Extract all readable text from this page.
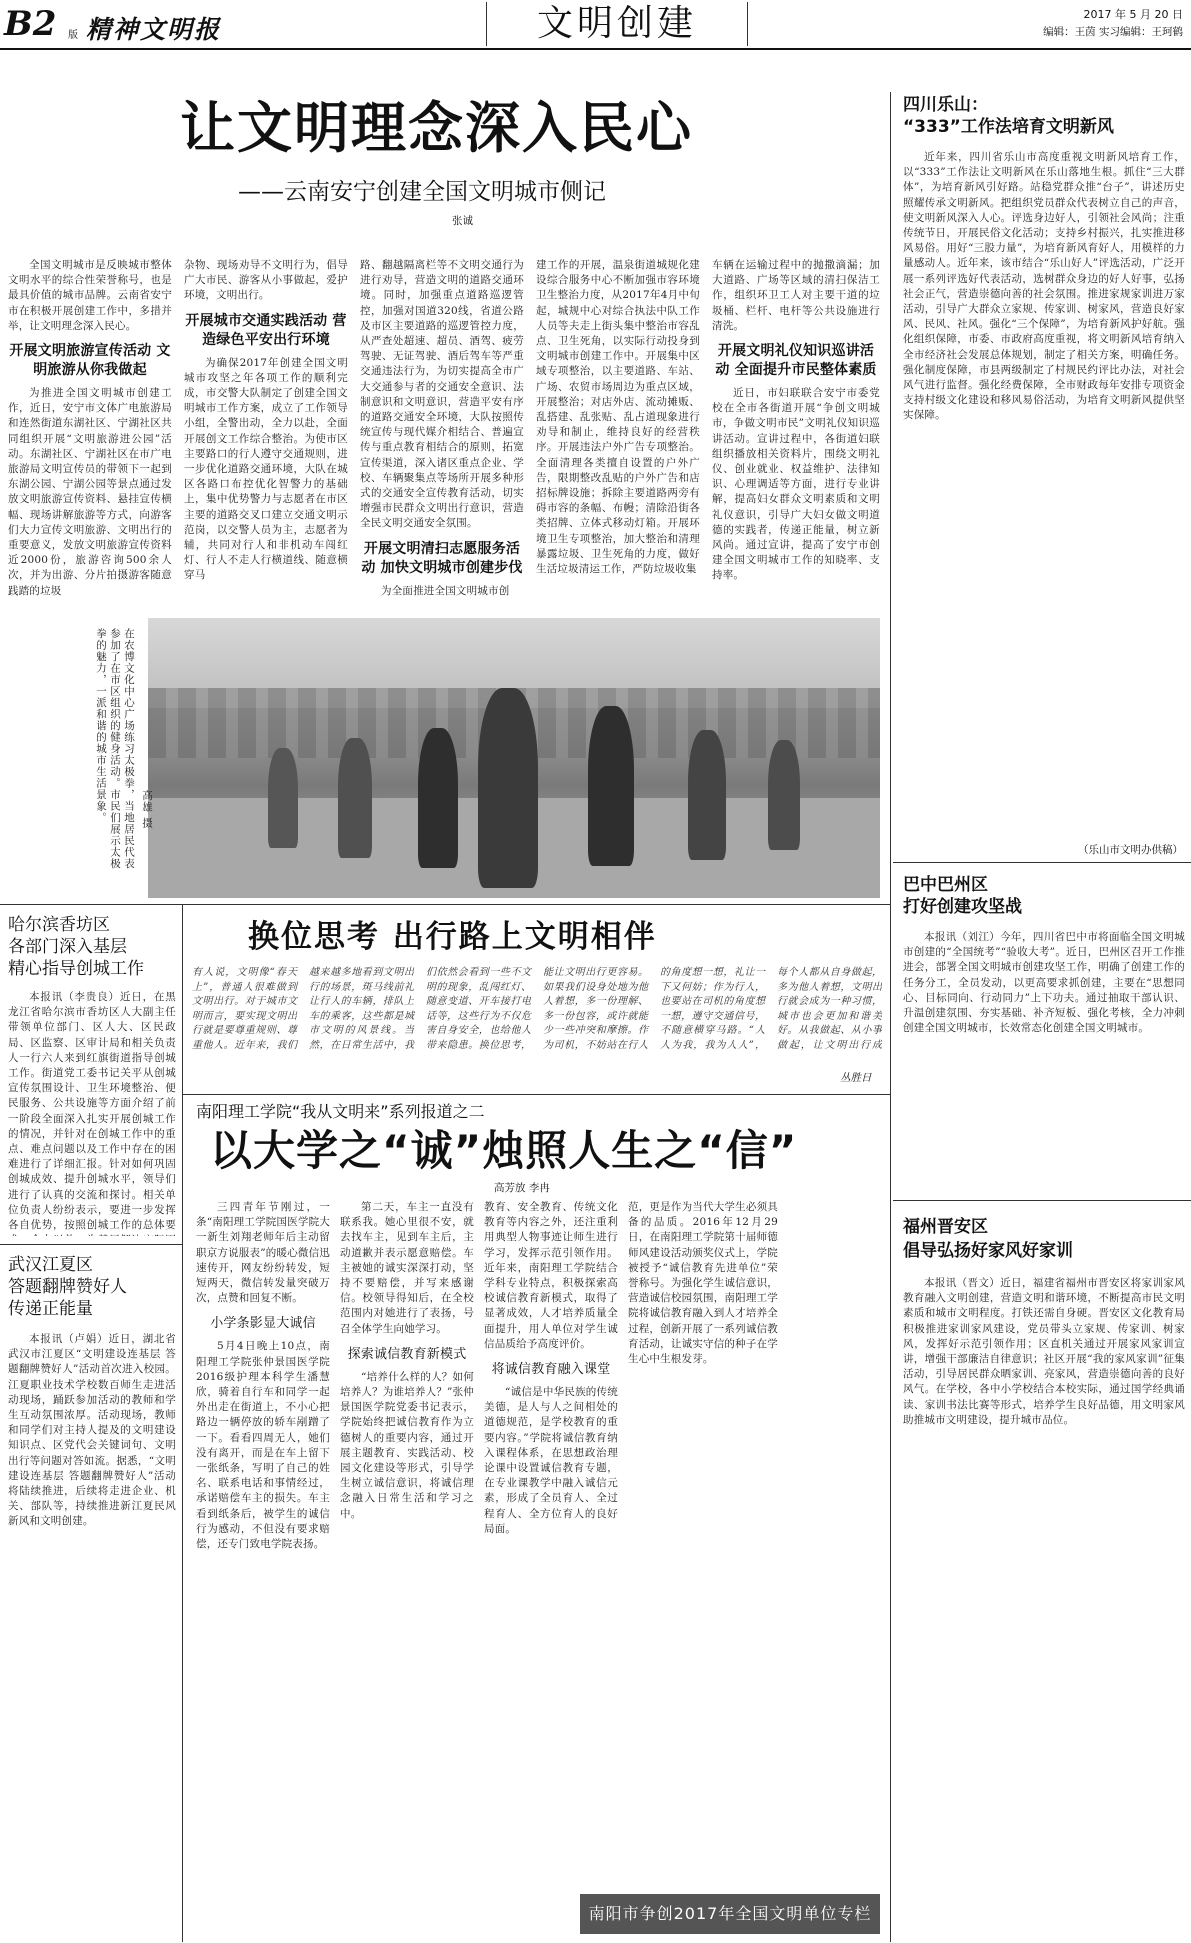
B2 版 精神文明报	文明创建	2017 年 5 月 20 日
编辑：王茵 实习编辑：王珂鹤
让文明理念深入民心
——云南安宁创建全国文明城市侧记
张诚

全国文明城市是反映城市整体文明水平的综合性荣誉称号，也是最具价值的城市品牌。云南省安宁市在积极开展创建工作中，多措并举，让文明理念深入民心。

开展文明旅游宣传活动 文明旅游从你我做起

为推进全国文明城市创建工作，近日，安宁市文体广电旅游局和连然街道东湖社区、宁湖社区共同组织开展“文明旅游进公园”活动。东湖社区、宁湖社区在市广电旅游局文明宣传员的带领下一起到东湖公园、宁湖公园等景点通过发放文明旅游宣传资料、悬挂宣传横幅、现场讲解旅游等方式，向游客们大力宣传文明旅游、文明出行的重要意义，发放文明旅游宣传资料近2000份，旅游咨询500余人次，并为出游、分片拍摄游客随意践踏的垃圾

杂物、现场劝导不文明行为，倡导广大市民、游客从小事做起，爱护环境，文明出行。

开展城市交通实践活动 营造绿色平安出行环境

为确保2017年创建全国文明城市攻坚之年各项工作的顺利完成，市交警大队制定了创建全国文明城市工作方案，成立了工作领导小组，全警出动，全力以赴，全面开展创文工作综合整治。为使市区主要路口的行人遵守交通规则，进一步优化道路交通环境，大队在城区各路口布控优化智警力的基础上，集中优势警力与志愿者在市区主要的道路交叉口建立交通文明示范岗，以交警人员为主，志愿者为辅，共同对行人和非机动车闯红灯、行人不走人行横道线、随意横穿马

路、翻越隔离栏等不文明交通行为进行劝导，营造文明的道路交通环境。同时，加强重点道路巡逻管控，加强对国道320线，省道公路及市区主要道路的巡逻管控力度，从严查处超速、超员、酒驾、疲劳驾驶、无证驾驶、酒后驾车等严重交通违法行为，为切实提高全市广大交通参与者的交通安全意识、法制意识和文明意识，营造平安有序的道路交通安全环境，大队按照传统宣传与现代媒介相结合、普遍宣传与重点教育相结合的原则，拓宽宣传渠道，深入诸区重点企业、学校、车辆聚集点等场所开展多种形式的交通安全宣传教育活动，切实增强市民群众文明出行意识，营造全民文明交通安全氛围。

开展文明清扫志愿服务活动 加快文明城市创建步伐

为全面推进全国文明城市创

建工作的开展，温泉街道城规化建设综合服务中心不断加强市容环境卫生整治力度，从2017年4月中旬起，城规中心对综合执法中队工作人员等夫走上街头集中整治市容乱点、卫生死角，以实际行动投身到文明城市创建工作中。开展集中区域专项整治，以主要道路、车站、广场、农贸市场周边为重点区域，开展整治；对店外店、流动摊贩、乱搭建、乱张贴、乱占道现象进行劝导和制止，维持良好的经营秩序。开展违法户外广告专项整治。全面清理各类擅自设置的户外广告，限期整改乱贴的户外广告和店招标牌设施；拆除主要道路两旁有碍市容的条幅、布幔；清除沿街各类招牌、立体式移动灯箱。开展环境卫生专项整治，加大整治和清理暴露垃圾、卫生死角的力度，做好生活垃圾清运工作，严防垃圾收集

车辆在运输过程中的抛撒滴漏；加大道路、广场等区域的清扫保洁工作，组织环卫工人对主要干道的垃圾桶、栏杆、电杆等公共设施进行清洗。

开展文明礼仪知识巡讲活动 全面提升市民整体素质

近日，市妇联联合安宁市委党校在全市各街道开展“争创文明城市，争做文明市民”文明礼仪知识巡讲活动。宣讲过程中，各街道妇联组织播放相关资料片，围绕文明礼仪、创业就业、权益维护、法律知识、心理调适等方面，进行专业讲解，提高妇女群众文明素质和文明礼仪意识，引导广大妇女做文明道德的实践者，传递正能量，树立新风尚。通过宣讲，提高了安宁市创建全国文明城市工作的知晓率、支持率。

在农博文化中心广场练习太极拳，当地居民代表参加了在市区组织的健身活动。市民们展示太极拳的魅力，一派和谐的城市生活景象。	高雄 摄
四川乐山：
“333”工作法培育文明新风

近年来，四川省乐山市高度重视文明新风培育工作，以“333”工作法让文明新风在乐山落地生根。抓住“三大群体”，为培育新风引好路。站稳党群众推“台子”，讲述历史照耀传承文明新风。把组织党员群众代表树立自己的声音，使文明新风深入人心。评选身边好人，引领社会风尚；注重传统节日，开展民俗文化活动；支持乡村振兴，扎实推进移风易俗。用好“三股力量”，为培育新风育好人，用模样的力量感动人。近年来，该市结合“乐山好人”评选活动，广泛开展一系列评选好代表活动，选树群众身边的好人好事，弘扬社会正气，营造崇德向善的社会氛围。推进家规家训进万家活动，引导广大群众立家规、传家训、树家风，营造良好家风、民风、社风。强化“三个保障”，为培育新风护好航。强化组织保障，市委、市政府高度重视，将文明新风培育纳入全市经济社会发展总体规划，制定了相关方案，明确任务。强化制度保障，市县两级制定了村规民约评比办法，对社会风气进行监督。强化经费保障，全市财政每年安排专项资金支持村级文化建设和移风易俗活动，为培育文明新风提供坚实保障。

（乐山市文明办供稿）
巴中巴州区
打好创建攻坚战

本报讯（刘江）今年，四川省巴中市将面临全国文明城市创建的“全国统考”“验收大考”。近日，巴州区召开工作推进会，部署全国文明城市创建攻坚工作，明确了创建工作的任务分工，全员发动，以更高要求抓创建，主要在“思想同心、目标同向、行动同力”上下功夫。通过抽取干部认识、升温创建氛围、夯实基础、补齐短板、强化考核，全力冲刺创建全国文明城市，长效常态化创建全国文明城市。

福州晋安区
倡导弘扬好家风好家训

本报讯（晋文）近日，福建省福州市晋安区将家训家风教育融入文明创建，营造文明和谐环境，不断提高市民文明素质和城市文明程度。打铁还需自身硬。晋安区文化教育局积极推进家训家风建设，党员带头立家规、传家训、树家风，发挥好示范引领作用；区直机关通过开展家风家训宣讲，增强干部廉洁自律意识；社区开展“我的家风家训”征集活动，引导居民群众晒家训、亮家风，营造崇德向善的良好风气。在学校，各中小学校结合本校实际，通过国学经典诵读、家训书法比赛等形式，培养学生良好品德，用文明家风助推城市文明建设，提升城市品位。

哈尔滨香坊区
各部门深入基层
精心指导创城工作

本报讯（李贵良）近日，在黑龙江省哈尔滨市香坊区人大副主任带领单位部门、区人大、区民政局、区监察、区审计局和相关负责人一行六人来到红旗街道指导创城工作。街道党工委书记关平从创城宣传氛围设计、卫生环境整治、便民服务、公共设施等方面介绍了前一阶段全面深入扎实开展创城工作的情况，并针对在创城工作中的重点、难点问题以及工作中存在的困难进行了详细汇报。针对如何巩固创城成效、提升创城水平，领导们进行了认真的交流和探讨。相关单位负责人纷纷表示，要进一步发挥各自优势，按照创城工作的总体要

武汉江夏区
答题翻牌赞好人
传递正能量

本报讯（卢娟）近日，湖北省武汉市江夏区“文明建设连基层 答题翻牌赞好人”活动首次进入校园。江夏职业技术学校数百师生走进活动现场，踊跃参加活动的教师和学生互动氛围浓厚。活动现场，教师和同学们对主持人提及的文明建设知识点、区党代会关键词句、文明出行等问题对答如流。据悉，“文明建设连基层 答题翻牌赞好人”活动将陆续推进，后续将走进企业、机关、部队等，持续推进新江夏民风新风和文明创建。

换位思考 出行路上文明相伴
有人说，文明像“春天上”，普通人很难做到文明出行。对于城市文明而言，要实现文明出行就是要尊重规则、尊重他人。近年来，我们越来越多地看到文明出行的场景，斑马线前礼让行人的车辆，排队上车的乘客，这些都是城市文明的风景线。当然，在日常生活中，我们依然会看到一些不文明的现象，乱闯红灯、随意变道、开车接打电话等，这些行为不仅危害自身安全，也给他人带来隐患。换位思考，能让文明出行更容易。如果我们设身处地为他人着想，多一份理解、多一份包容，或许就能少一些冲突和摩擦。作为司机，不妨站在行人的角度想一想，礼让一下又何妨；作为行人，也要站在司机的角度想一想，遵守交通信号，不随意横穿马路。“人人为我，我为人人”，每个人都从自身做起，多为他人着想，文明出行就会成为一种习惯，城市也会更加和谐美好。从我做起、从小事做起，让文明出行成
丛胜日
南阳理工学院“我从文明来”系列报道之二
以大学之“诚”烛照人生之“信”
高芳放 李冉

三四青年节刚过，一条“南阳理工学院国医学院大一新生刘翔老师年后主动留职京方说服表”的暖心微信迅速传开，网友纷纷转发，短短两天，微信转发量突破万次，点赞和回复不断。

小学条影显大诚信

5月4日晚上10点，南阳理工学院张仲景国医学院2016级护理本科学生潘慧欣，骑着自行车和同学一起外出走在街道上，不小心把路边一辆停放的轿车剐蹭了一下。看看四周无人，她们没有离开，而是在车上留下一张纸条，写明了自己的姓名、联系电话和事情经过，承诺赔偿车主的损失。车主看到纸条后，被学生的诚信行为感动，不但没有要求赔偿，还专门致电学院表扬。

第二天，车主一直没有联系我。她心里很不安，就去找车主，见到车主后，主动道歉并表示愿意赔偿。车主被她的诚实深深打动，坚持不要赔偿，并写来感谢信。校领导得知后，在全校范围内对她进行了表扬，号召全体学生向她学习。

探索诚信教育新模式

“培养什么样的人？如何培养人？为谁培养人？”张仲景国医学院党委书记表示，学院始终把诚信教育作为立德树人的重要内容，通过开展主题教育、实践活动、校园文化建设等形式，引导学生树立诚信意识，将诚信理念融入日常生活和学习之中。

教育、安全教育、传统文化教育等内容之外，还注重利用典型人物事迹让师生进行学习，发挥示范引领作用。近年来，南阳理工学院结合学科专业特点，积极探索高校诚信教育新模式，取得了显著成效，人才培养质量全面提升，用人单位对学生诚信品质给予高度评价。

将诚信教育融入课堂

“诚信是中华民族的传统美德，是人与人之间相处的道德规范，是学校教育的重要内容。”学院将诚信教育纳入课程体系，在思想政治理论课中设置诚信教育专题，在专业课教学中融入诚信元素，形成了全员育人、全过程育人、全方位育人的良好局面。

范，更是作为当代大学生必须具备的品质。2016年12月29日，在南阳理工学院第十届师德师风建设活动颁奖仪式上，学院被授予“诚信教育先进单位”荣誉称号。为强化学生诚信意识，营造诚信校园氛围，南阳理工学院将诚信教育融入到人才培养全过程，创新开展了一系列诚信教育活动，让诚实守信的种子在学生心中生根发芽。

南阳市争创2017年全国文明单位专栏
